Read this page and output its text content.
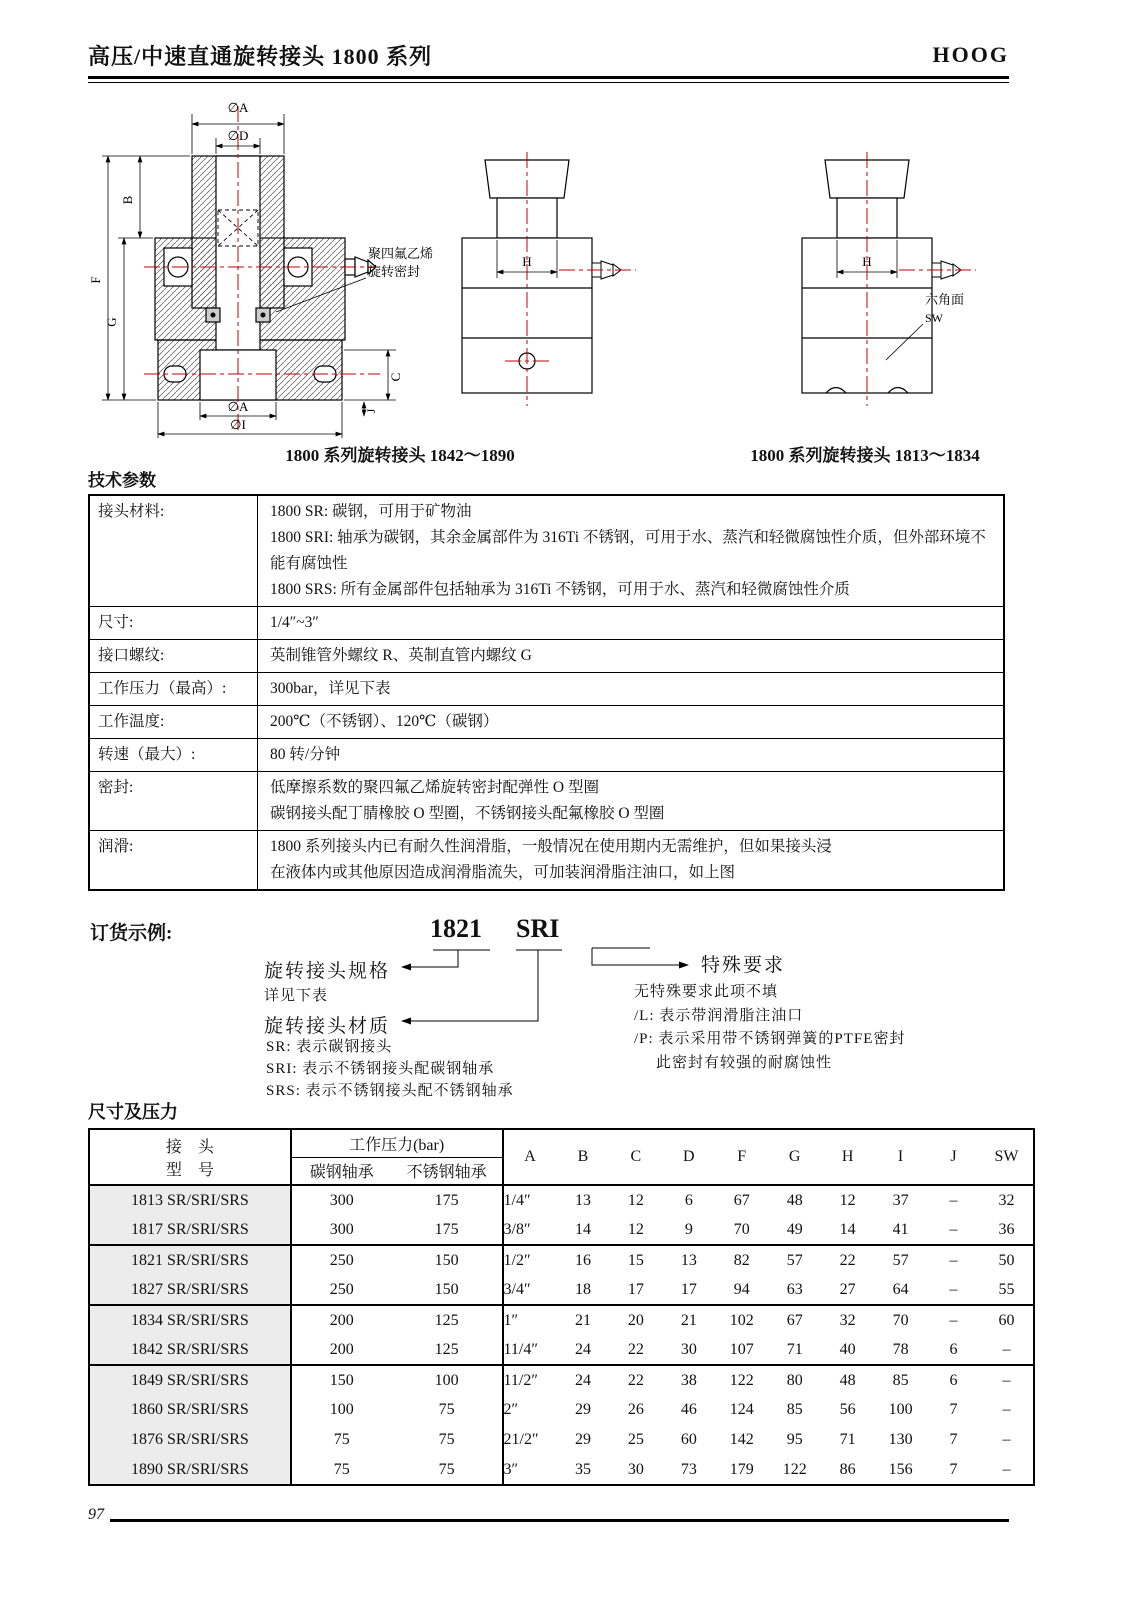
高压/中速直通旋转接头 1800 系列	HOOG
∅A
∅D
B
F
G
C
J
∅A
∅I
聚四氟乙烯
旋转密封
H	H
六角面
SW
1800 系列旋转接头 1842～1890	1800 系列旋转接头 1813～1834
技术参数
接头材料:	1800 SR: 碳钢，可用于矿物油
1800 SRI: 轴承为碳钢，其余金属部件为 316Ti 不锈钢，可用于水、蒸汽和轻微腐蚀性介质，但外部环境不能有腐蚀性
1800 SRS: 所有金属部件包括轴承为 316Ti 不锈钢，可用于水、蒸汽和轻微腐蚀性介质
尺寸:	1/4″~3″
接口螺纹:	英制锥管外螺纹 R、英制直管内螺纹 G
工作压力（最高）:	300bar，详见下表
工作温度:	200℃（不锈钢）、120℃（碳钢）
转速（最大）:	80 转/分钟
密封:	低摩擦系数的聚四氟乙烯旋转密封配弹性 O 型圈
碳钢接头配丁腈橡胶 O 型圈，不锈钢接头配氟橡胶 O 型圈
润滑:	1800 系列接头内已有耐久性润滑脂，一般情况在使用期内无需维护，但如果接头浸
在液体内或其他原因造成润滑脂流失，可加装润滑脂注油口，如上图
订货示例:	1821 SRI
旋转接头规格
详见下表
旋转接头材质
SR: 表示碳钢接头
SRI: 表示不锈钢接头配碳钢轴承
SRS: 表示不锈钢接头配不锈钢轴承
特殊要求
无特殊要求此项不填
/L: 表示带润滑脂注油口
/P: 表示采用带不锈钢弹簧的PTFE密封
此密封有较强的耐腐蚀性
尺寸及压力
接　头
型　号	工作压力(bar)		A	B	C	D	F	G	H	I	J	SW
	碳钢轴承	不锈钢轴承										
1813 SR/SRI/SRS	300	175	1/4″	13	12	6	67	48	12	37	–	32
1817 SR/SRI/SRS	300	175	3/8″	14	12	9	70	49	14	41	–	36
1821 SR/SRI/SRS	250	150	1/2″	16	15	13	82	57	22	57	–	50
1827 SR/SRI/SRS	250	150	3/4″	18	17	17	94	63	27	64	–	55
1834 SR/SRI/SRS	200	125	1″	21	20	21	102	67	32	70	–	60
1842 SR/SRI/SRS	200	125	11/4″	24	22	30	107	71	40	78	6	–
1849 SR/SRI/SRS	150	100	11/2″	24	22	38	122	80	48	85	6	–
1860 SR/SRI/SRS	100	75	2″	29	26	46	124	85	56	100	7	–
1876 SR/SRI/SRS	75	75	21/2″	29	25	60	142	95	71	130	7	–
1890 SR/SRI/SRS	75	75	3″	35	30	73	179	122	86	156	7	–
97
